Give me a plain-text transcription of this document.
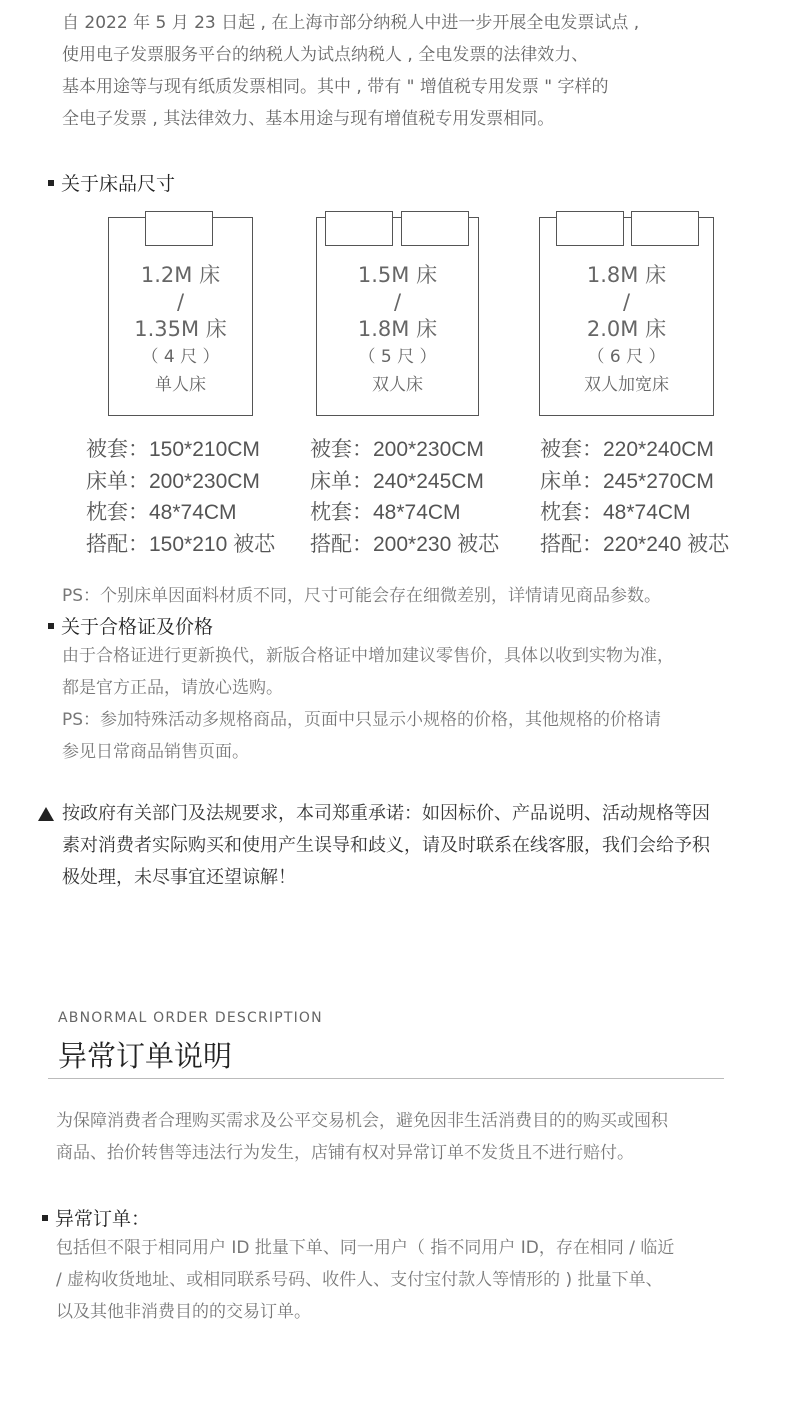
自 2022 年 5 月 23 日起 , 在上海市部分纳税人中进一步开展全电发票试点 ,
使用电子发票服务平台的纳税人为试点纳税人 , 全电发票的法律效力、
基本用途等与现有纸质发票相同。其中 , 带有 " 增值税专用发票 " 字样的
全电子发票 , 其法律效力、基本用途与现有增值税专用发票相同。
关于床品尺寸
1.2M 床
/
1.35M 床
（ 4 尺 ）
单人床
1.5M 床
/
1.8M 床
（ 5 尺 ）
双人床
1.8M 床
/
2.0M 床
（ 6 尺 ）
双人加宽床
被套：150*210CM
床单：200*230CM
枕套：48*74CM
搭配：150*210 被芯
被套：200*230CM
床单：240*245CM
枕套：48*74CM
搭配：200*230 被芯
被套：220*240CM
床单：245*270CM
枕套：48*74CM
搭配：220*240 被芯
PS：个别床单因面料材质不同，尺寸可能会存在细微差别，详情请见商品参数。
关于合格证及价格
由于合格证进行更新换代，新版合格证中增加建议零售价，具体以收到实物为准，
都是官方正品，请放心选购。
PS：参加特殊活动多规格商品，页面中只显示小规格的价格，其他规格的价格请
参见日常商品销售页面。
按政府有关部门及法规要求，本司郑重承诺：如因标价、产品说明、活动规格等因
素对消费者实际购买和使用产生误导和歧义，请及时联系在线客服，我们会给予积
极处理，未尽事宜还望谅解！
ABNORMAL ORDER DESCRIPTION
异常订单说明
为保障消费者合理购买需求及公平交易机会，避免因非生活消费目的的购买或囤积
商品、抬价转售等违法行为发生，店铺有权对异常订单不发货且不进行赔付。
异常订单：
包括但不限于相同用户 ID 批量下单、同一用户（ 指不同用户 ID，存在相同 / 临近
/ 虚构收货地址、或相同联系号码、收件人、支付宝付款人等情形的 ) 批量下单、
以及其他非消费目的的交易订单。
